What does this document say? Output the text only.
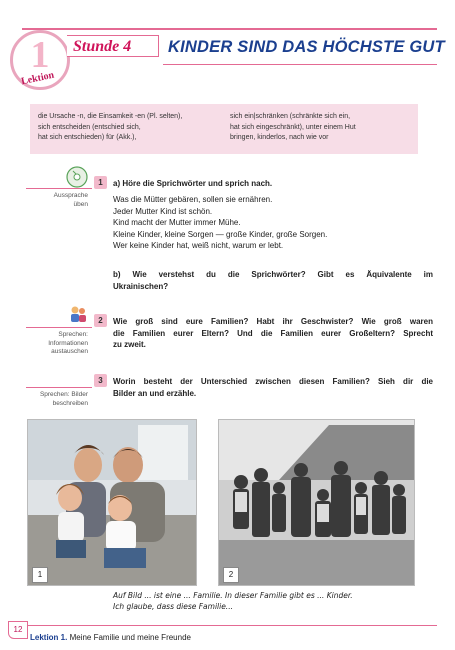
1
Lektion
Stunde 4	KINDER SIND DAS HÖCHSTE GUT
die Ursache -n, die Einsamkeit -en (Pl. selten),
sich entscheiden (entschied sich,
hat sich entschieden) für (Akk.),
sich ein|schränken (schränkte sich ein,
hat sich eingeschränkt), unter einem Hut
bringen, kinderlos, nach wie vor
Aussprache
üben
1	a) Höre die Sprichwörter und sprich nach.
Was die Mütter gebären, sollen sie ernähren.
Jeder Mutter Kind ist schön.
Kind macht der Mutter immer Mühe.
Kleine Kinder, kleine Sorgen — große Kinder, große Sorgen.
Wer keine Kinder hat, weiß nicht, warum er lebt.
b) Wie verstehst du die Sprichwörter? Gibt es Äquivalente im
Ukrainischen?
Sprechen:
Informationen
austauschen
2	Wie groß sind eure Familien? Habt ihr Geschwister? Wie groß waren
die Familien eurer Eltern? Und die Familien eurer Großeltern? Sprecht
zu zweit.
Sprechen: Bilder
beschreiben
3	Worin besteht der Unterschied zwischen diesen Familien? Sieh dir die
Bilder an und erzähle.
1	2
Auf Bild ... ist eine ... Familie. In dieser Familie gibt es ... Kinder.
Ich glaube, dass diese Familie...
12
Lektion 1. Meine Familie und meine Freunde
